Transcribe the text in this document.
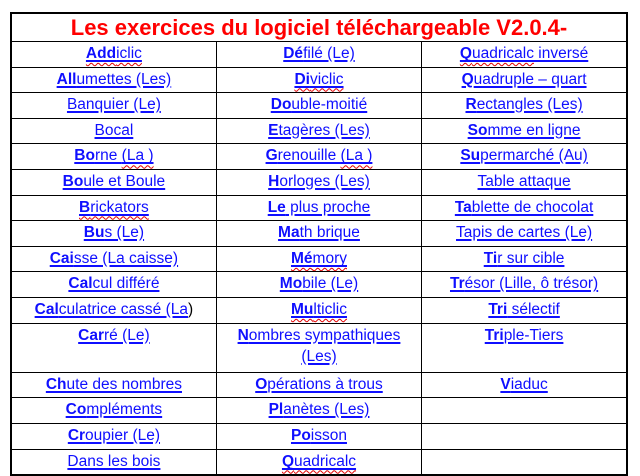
Les exercices du logiciel téléchargeable V2.0.4-		
Addiclic	Défilé (Le)	Quadricalc inversé
Allumettes (Les)	Diviclic	Quadruple – quart
Banquier (Le)	Double-moitié	Rectangles (Les)
Bocal	Etagères (Les)	Somme en ligne
Borne (La )	Grenouille (La )	Supermarché (Au)
Boule et Boule	Horloges (Les)	Table attaque
Brickators	Le plus proche	Tablette de chocolat
Bus (Le)	Math brique	Tapis de cartes (Le)
Caisse (La caisse)	Mémory	Tir sur cible
Calcul différé	Mobile (Le)	Trésor (Lille, ô trésor)
Calculatrice cassé (La)	Multiclic	Tri sélectif
Carré (Le)	Nombres sympathiques (Les)	Triple-Tiers
Chute des nombres	Opérations à trous	Viaduc
Compléments	Planètes (Les)	
Croupier (Le)	Poisson	
Dans les bois	Quadricalc	
